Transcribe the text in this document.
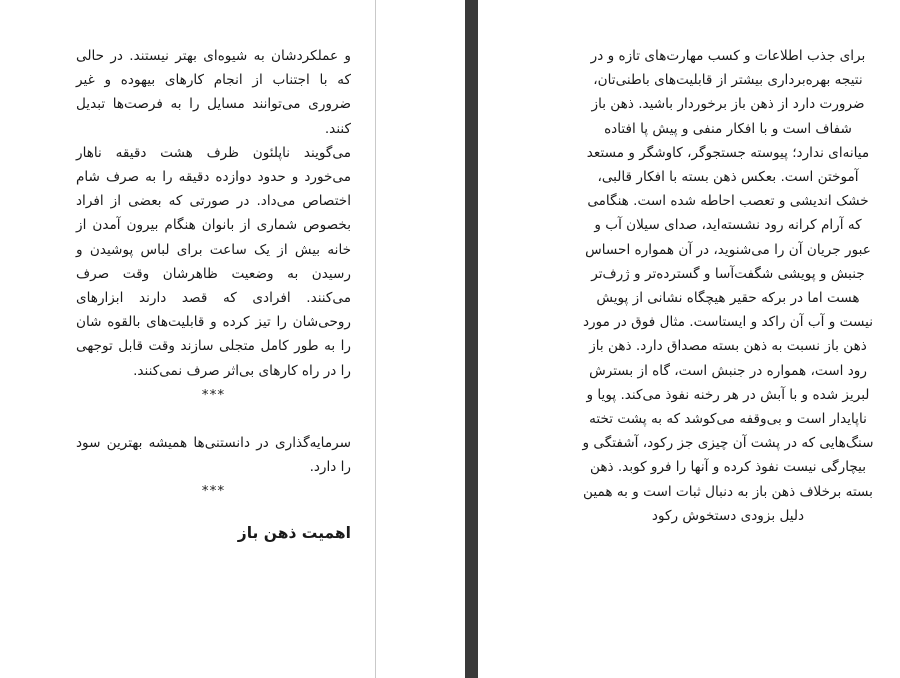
و عملکردشان به شیوه‌ای بهتر نیستند. در حالی که با اجتناب از انجام کارهای بیهوده و غیر ضروری می‌توانند مسایل را به فرصت‌ها تبدیل کنند.

می‌گویند ناپلئون ظرف هشت دقیقه ناهار می‌خورد و حدود دوازده دقیقه را به صرف شام اختصاص می‌داد. در صورتی که بعضی از افراد بخصوص شماری از بانوان هنگام بیرون آمدن از خانه بیش از یک ساعت برای لباس پوشیدن و رسیدن به وضعیت ظاهرشان وقت صرف می‌کنند. افرادی که قصد دارند ابزارهای روحی‌شان را تیز کرده و قابلیت‌های بالقوه شان را به طور کامل متجلی سازند وقت قابل توجهی را در راه کارهای بی‌اثر صرف نمی‌کنند.

***

سرمایه‌گذاری در دانستنی‌ها همیشه بهترین سود را دارد.

***

اهمیت ذهن باز

برای جذب اطلاعات و کسب مهارت‌های تازه و در نتیجه بهره‌برداری بیشتر از قابلیت‌های باطنی‌تان، ضرورت دارد از ذهن باز برخوردار باشید. ذهن باز شفاف است و با افکار منفی و پیش پا افتاده میانه‌ای ندارد؛ پیوسته جستجوگر، کاوشگر و مستعد آموختن است. بعکس ذهن بسته با افکار قالبی، خشک اندیشی و تعصب احاطه شده است. هنگامی که آرام کرانه رود نشسته‌اید، صدای سیلان آب و عبور جریان آن را می‌شنوید، در آن همواره احساس جنبش و پویشی شگفت‌آسا و گسترده‌تر و ژرف‌تر هست اما در برکه حقیر هیچگاه نشانی از پویش نیست و آب آن راکد و ایستاست. مثال فوق در مورد ذهن باز نسبت به ذهن بسته مصداق دارد. ذهن باز رود است، همواره در جنبش است، گاه از بسترش لبریز شده و با آبش در هر رخنه نفوذ می‌کند. پویا و ناپایدار است و بی‌وقفه می‌کوشد که به پشت تخته سنگ‌هایی که در پشت آن چیزی جز رکود، آشفتگی و بیچارگی نیست نفوذ کرده و آنها را فرو کوبد. ذهن بسته برخلاف ذهن باز به دنبال ثبات است و به همین دلیل بزودی دستخوش رکود
